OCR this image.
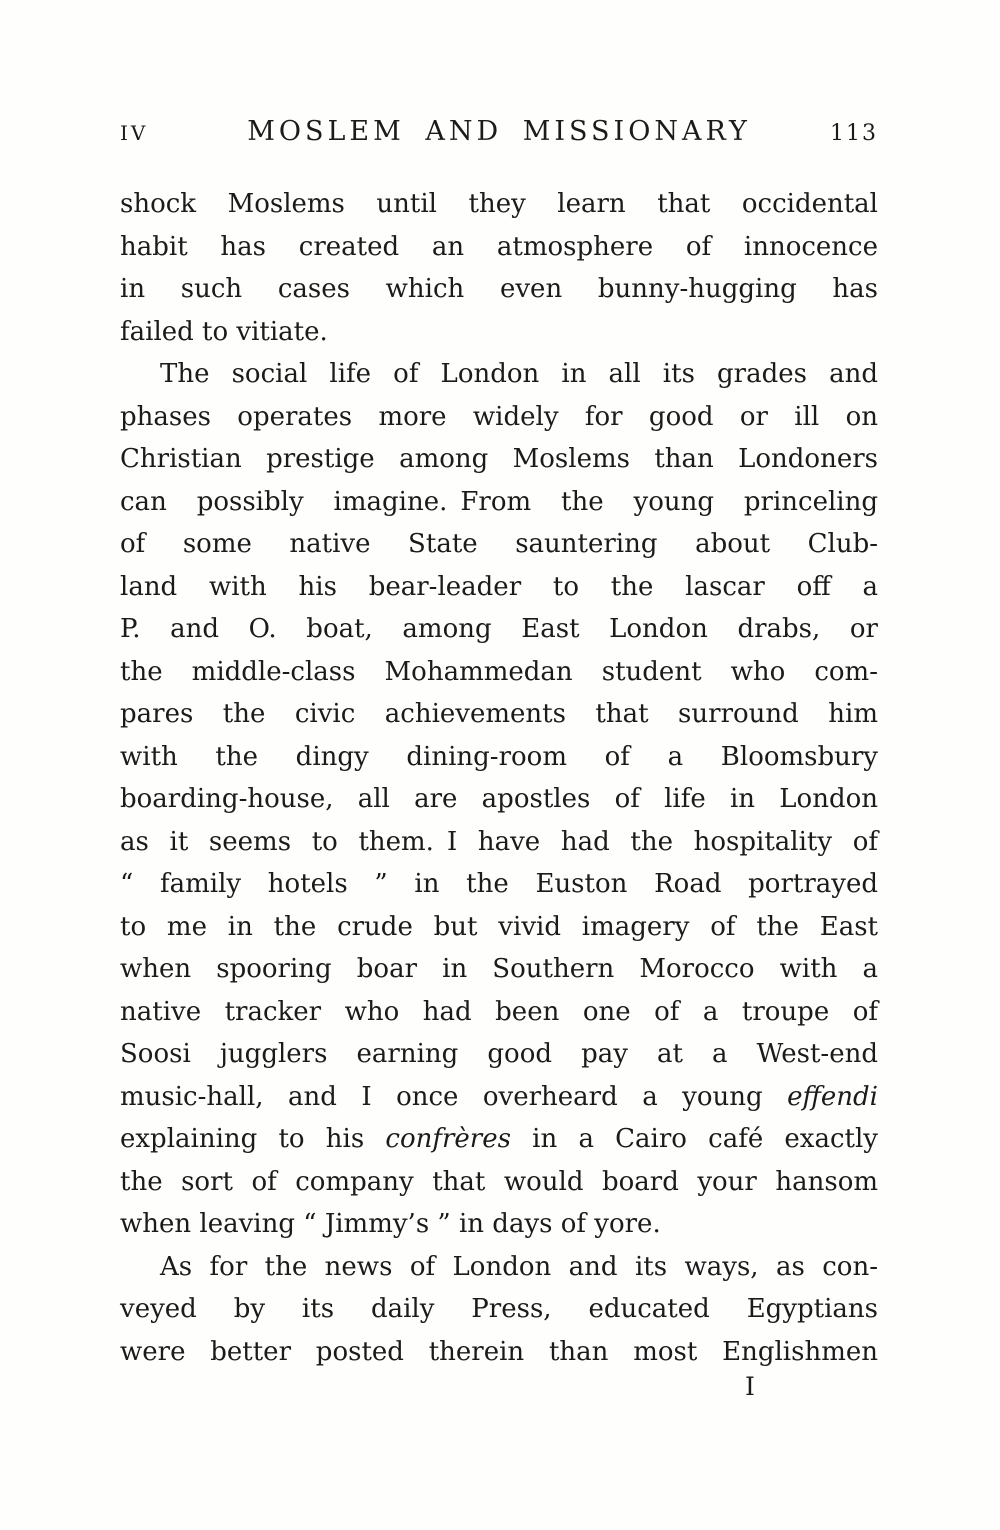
IV	MOSLEM AND MISSIONARY	113
shock Moslems until they learn that occidental
habit has created an atmosphere of innocence
in such cases which even bunny-hugging has
failed to vitiate.
The social life of London in all its grades and
phases operates more widely for good or ill on
Christian prestige among Moslems than Londoners
can possibly imagine. From the young princeling
of some native State sauntering about Club-
land with his bear-leader to the lascar off a
P. and O. boat, among East London drabs, or
the middle-class Mohammedan student who com-
pares the civic achievements that surround him
with the dingy dining-room of a Bloomsbury
boarding-house, all are apostles of life in London
as it seems to them. I have had the hospitality of
“ family hotels ” in the Euston Road portrayed
to me in the crude but vivid imagery of the East
when spooring boar in Southern Morocco with a
native tracker who had been one of a troupe of
Soosi jugglers earning good pay at a West-end
music-hall, and I once overheard a young effendi
explaining to his confrères in a Cairo café exactly
the sort of company that would board your hansom
when leaving “ Jimmy’s ” in days of yore.
As for the news of London and its ways, as con-
veyed by its daily Press, educated Egyptians
were better posted therein than most Englishmen
I
